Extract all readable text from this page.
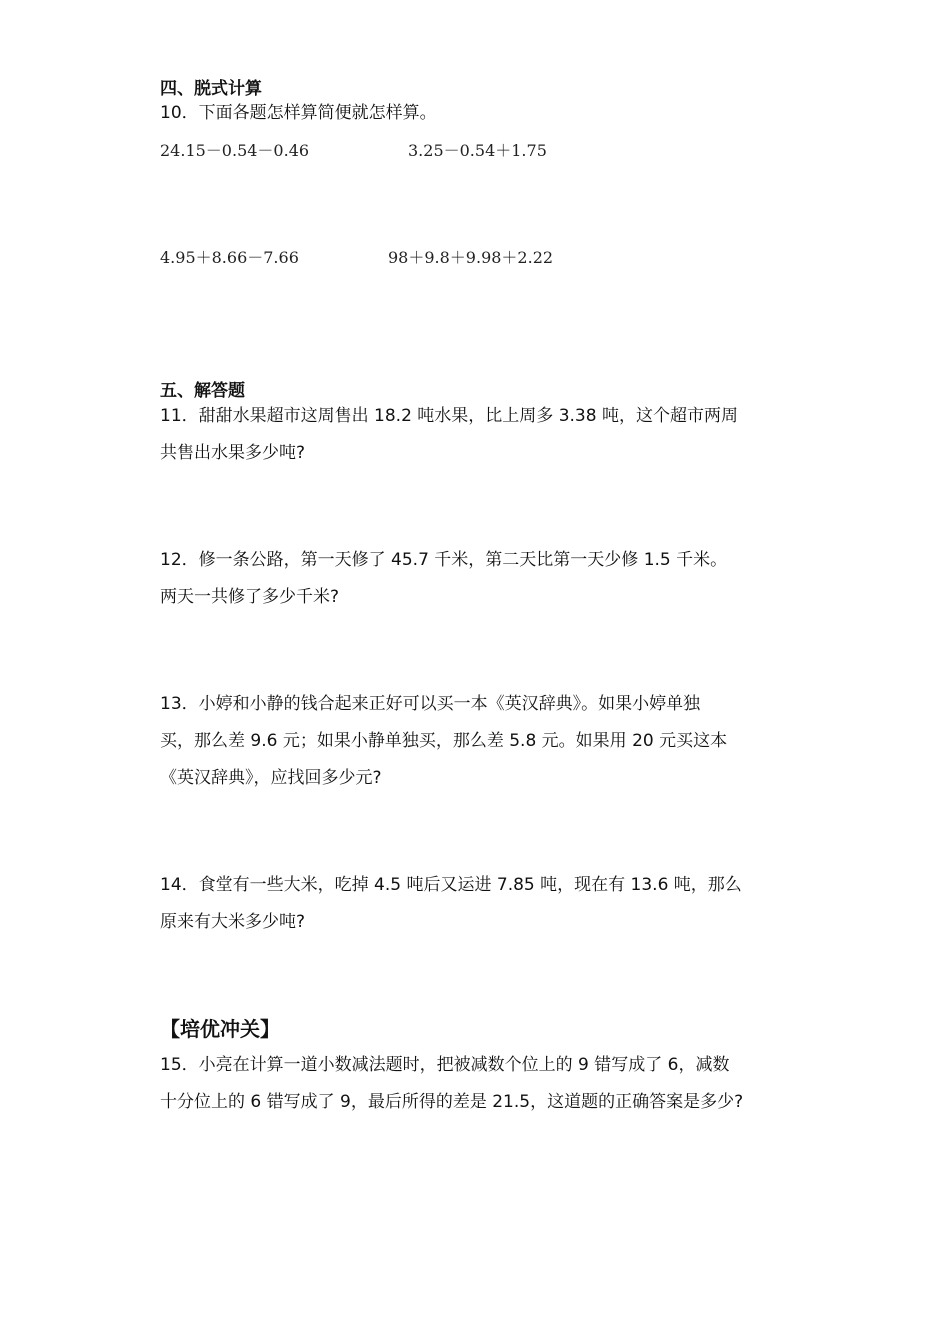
四、脱式计算
10．下面各题怎样算简便就怎样算。
24.15－0.54－0.46	3.25－0.54＋1.75
4.95＋8.66－7.66	98＋9.8＋9.98＋2.22
五、解答题
11．甜甜水果超市这周售出 18.2 吨水果，比上周多 3.38 吨，这个超市两周
共售出水果多少吨?
12．修一条公路，第一天修了 45.7 千米，第二天比第一天少修 1.5 千米。
两天一共修了多少千米?
13．小婷和小静的钱合起来正好可以买一本《英汉辞典》。如果小婷单独
买，那么差 9.6 元；如果小静单独买，那么差 5.8 元。如果用 20 元买这本
《英汉辞典》，应找回多少元?
14．食堂有一些大米，吃掉 4.5 吨后又运进 7.85 吨，现在有 13.6 吨，那么
原来有大米多少吨?
【培优冲关】
15．小亮在计算一道小数减法题时，把被减数个位上的 9 错写成了 6，减数
十分位上的 6 错写成了 9，最后所得的差是 21.5，这道题的正确答案是多少?
